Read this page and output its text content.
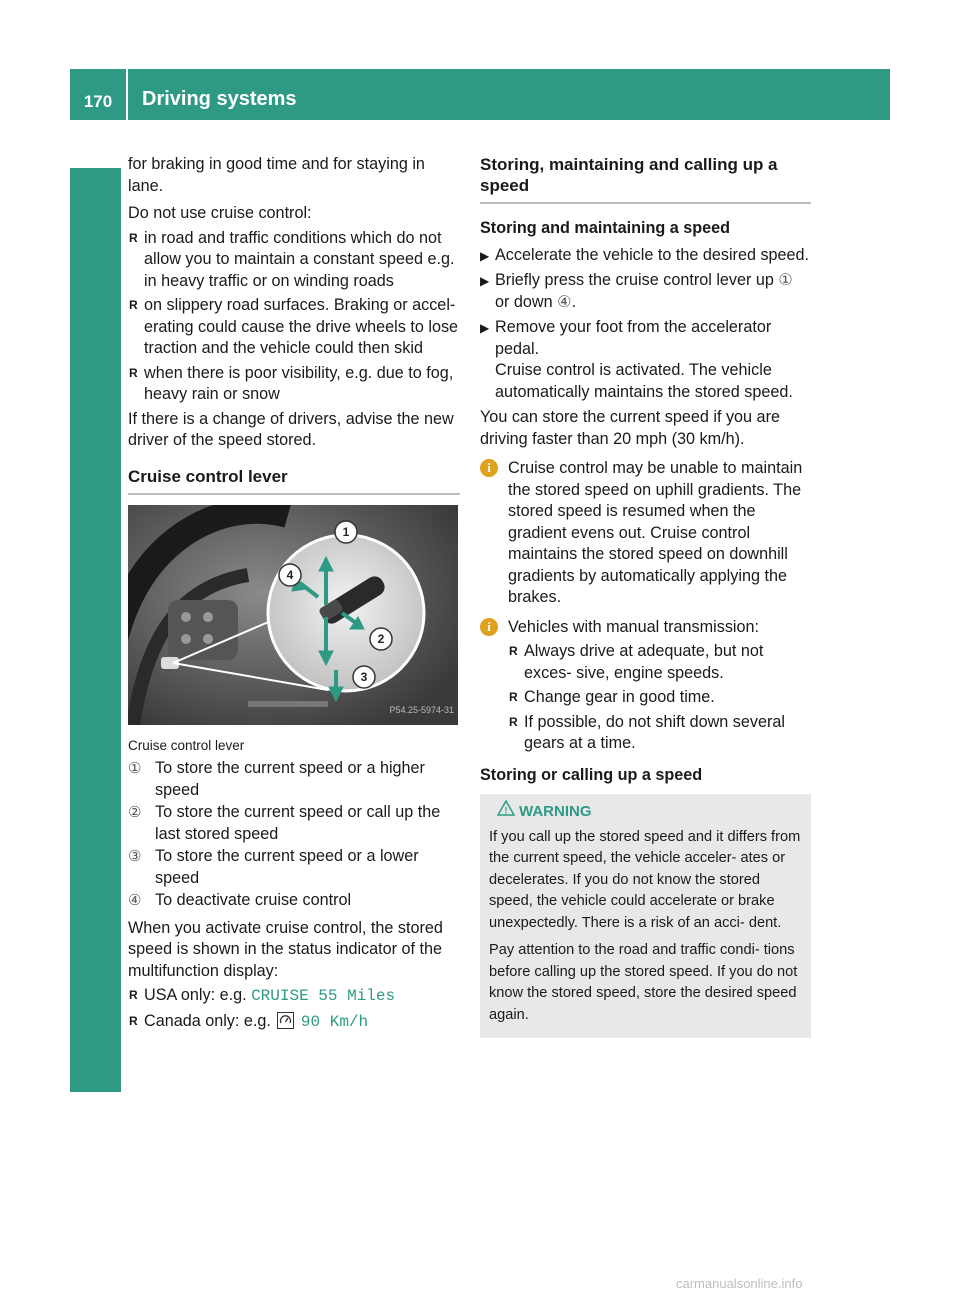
170	Driving systems
Driving and parking

for braking in good time and for staying in lane.

Do not use cruise control:

R in road and traffic conditions which do not allow you to maintain a constant speed e.g. in heavy traffic or on winding roads
R on slippery road surfaces. Braking or accel- erating could cause the drive wheels to lose traction and the vehicle could then skid
R when there is poor visibility, e.g. due to fog, heavy rain or snow

If there is a change of drivers, advise the new driver of the speed stored.

Cruise control lever
1
2
3
4
P54.25-5974-31
Cruise control lever
① To store the current speed or a higher speed
② To store the current speed or call up the last stored speed
③ To store the current speed or a lower speed
④ To deactivate cruise control

When you activate cruise control, the stored speed is shown in the status indicator of the multifunction display:

R USA only: e.g. CRUISE 55 Miles
R Canada only: e.g. 90 Km/h
Storing, maintaining and calling up a speed
Storing and maintaining a speed
▶ Accelerate the vehicle to the desired speed.
▶ Briefly press the cruise control lever up ① or down ④.
▶ Remove your foot from the accelerator pedal.
Cruise control is activated. The vehicle automatically maintains the stored speed.

You can store the current speed if you are driving faster than 20 mph (30 km/h).

i	Cruise control may be unable to maintain the stored speed on uphill gradients. The stored speed is resumed when the gradient evens out. Cruise control maintains the stored speed on downhill gradients by automatically applying the brakes.
i	Vehicles with manual transmission:
R Always drive at adequate, but not exces- sive, engine speeds.
R Change gear in good time.
R If possible, do not shift down several gears at a time.
Storing or calling up a speed
! WARNING

If you call up the stored speed and it differs from the current speed, the vehicle acceler- ates or decelerates. If you do not know the stored speed, the vehicle could accelerate or brake unexpectedly. There is a risk of an acci- dent.

Pay attention to the road and traffic condi- tions before calling up the stored speed. If you do not know the stored speed, store the desired speed again.

carmanualsonline.info
